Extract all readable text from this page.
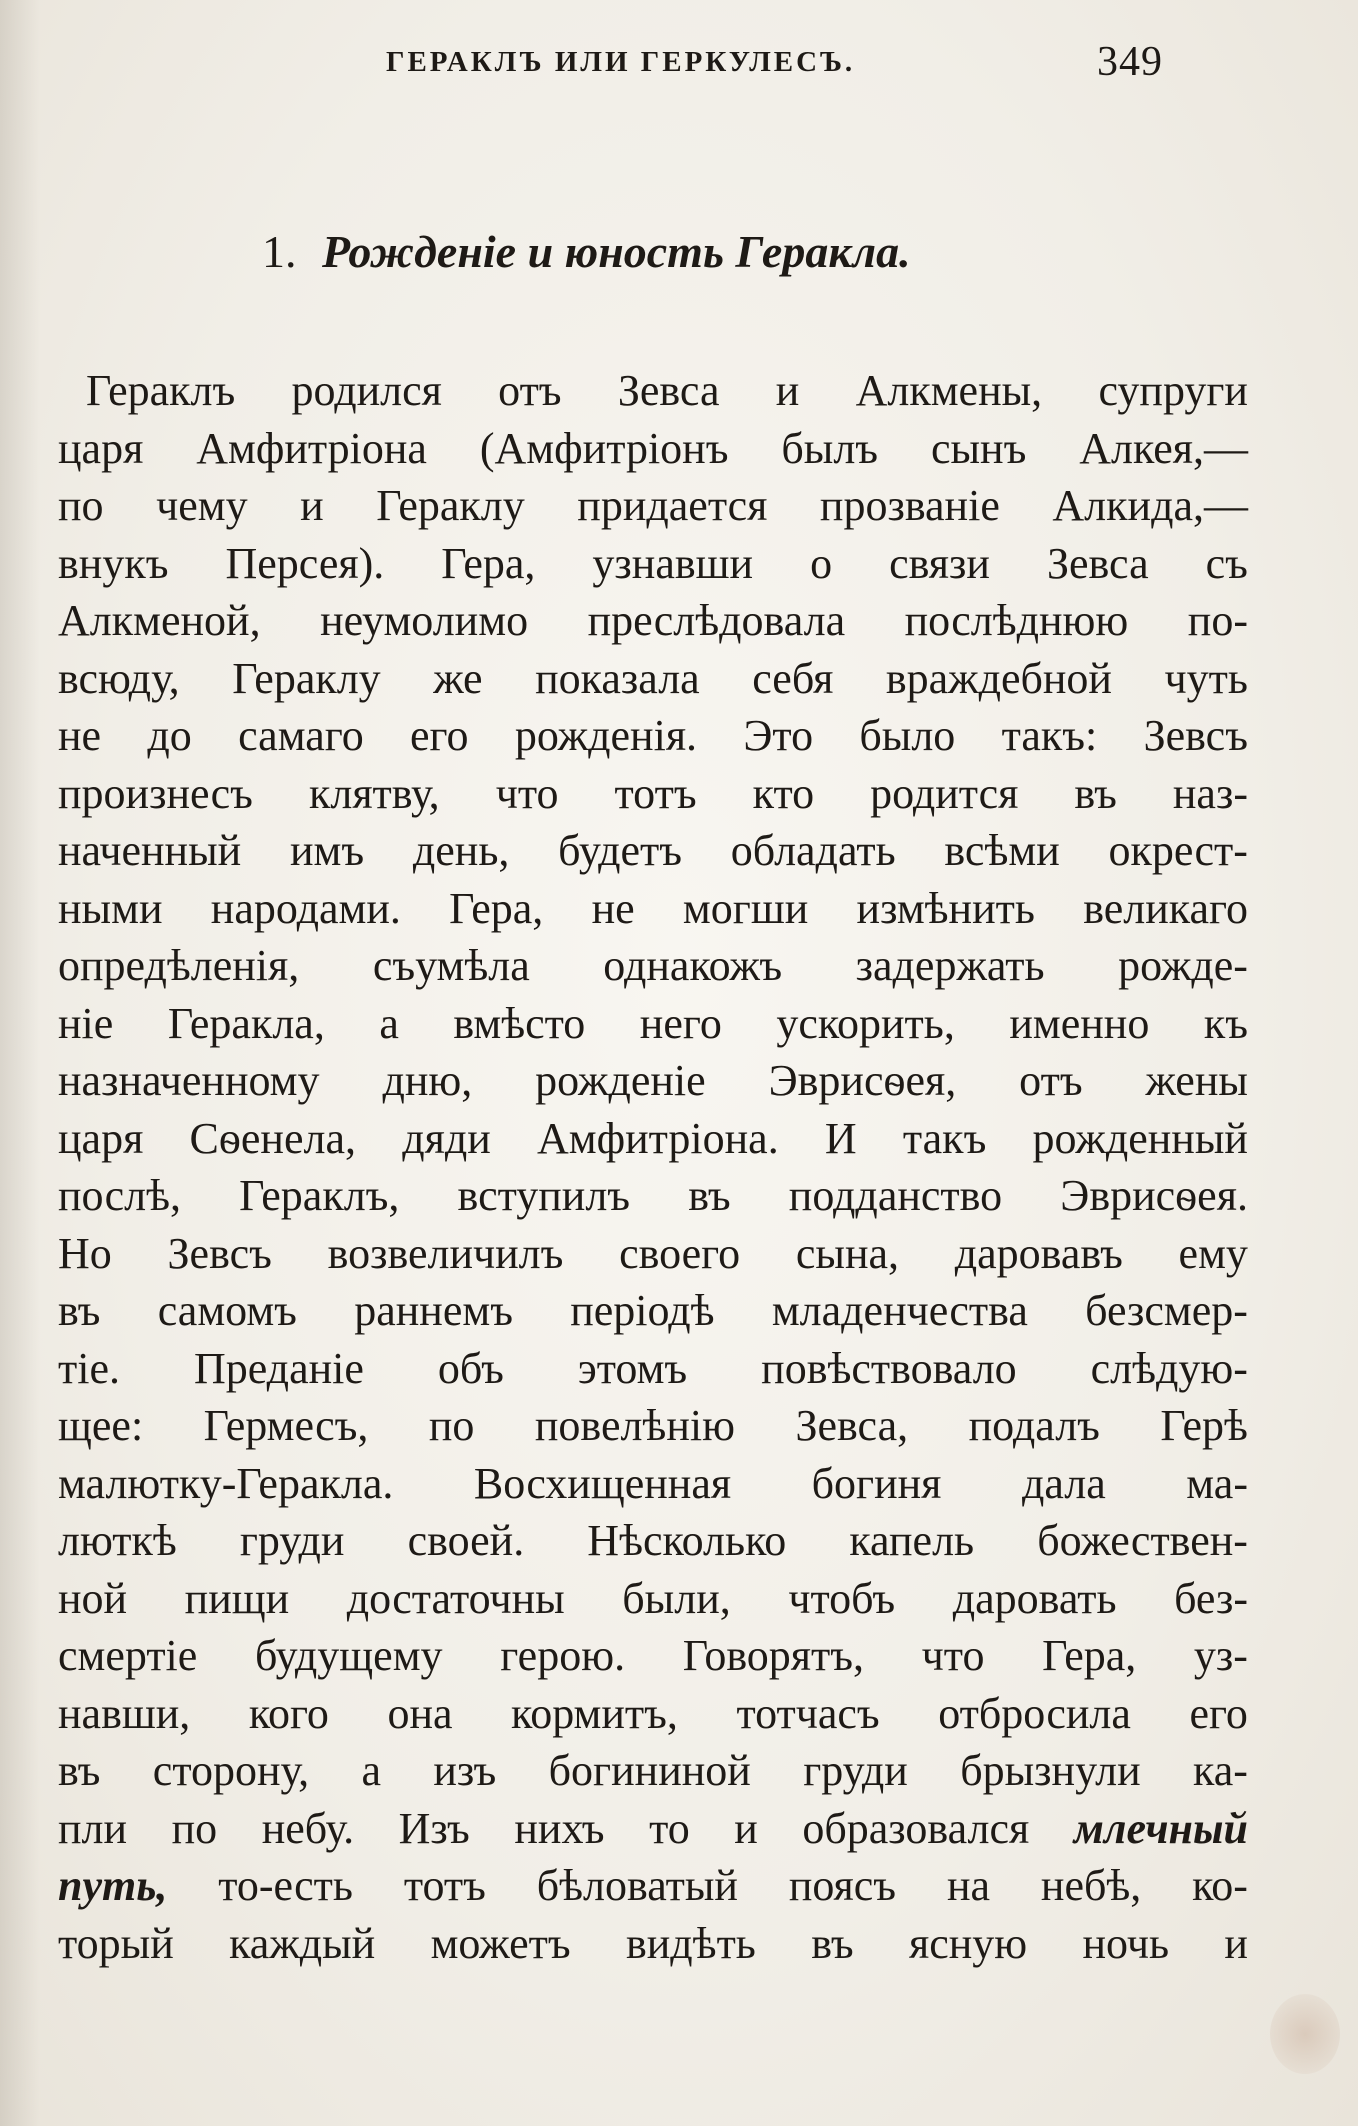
ГЕРАКЛЪ ИЛИ ГЕРКУЛЕСЪ.	349
1. Рожденіе и юность Геракла.
Гераклъ родился отъ Зевса и Алкмены, супруги
царя Амфитріона (Амфитріонъ былъ сынъ Алкея,—
по чему и Гераклу придается прозваніе Алкида,—
внукъ Персея). Гера, узнавши о связи Зевса съ
Алкменой, неумолимо преслѣдовала послѣднюю по-
всюду, Гераклу же показала себя враждебной чуть
не до самаго его рожденія. Это было такъ: Зевсъ
произнесъ клятву, что тотъ кто родится въ наз-
наченный имъ день, будетъ обладать всѣми окрест-
ными народами. Гера, не могши измѣнить великаго
опредѣленія, съумѣла однакожъ задержать рожде-
ніе Геракла, а вмѣсто него ускорить, именно къ
назначенному дню, рожденіе Эврисѳея, отъ жены
царя Сѳенела, дяди Амфитріона. И такъ рожденный
послѣ, Гераклъ, вступилъ въ подданство Эврисѳея.
Но Зевсъ возвеличилъ своего сына, даровавъ ему
въ самомъ раннемъ періодѣ младенчества безсмер-
тіе. Преданіе объ этомъ повѣствовало слѣдую-
щее: Гермесъ, по повелѣнію Зевса, подалъ Герѣ
малютку-Геракла. Восхищенная богиня дала ма-
люткѣ груди своей. Нѣсколько капель божествен-
ной пищи достаточны были, чтобъ даровать без-
смертіе будущему герою. Говорятъ, что Гера, уз-
навши, кого она кормитъ, тотчасъ отбросила его
въ сторону, а изъ богининой груди брызнули ка-
пли по небу. Изъ нихъ то и образовался млечный
путь, то-есть тотъ бѣловатый поясъ на небѣ, ко-
торый каждый можетъ видѣть въ ясную ночь и
